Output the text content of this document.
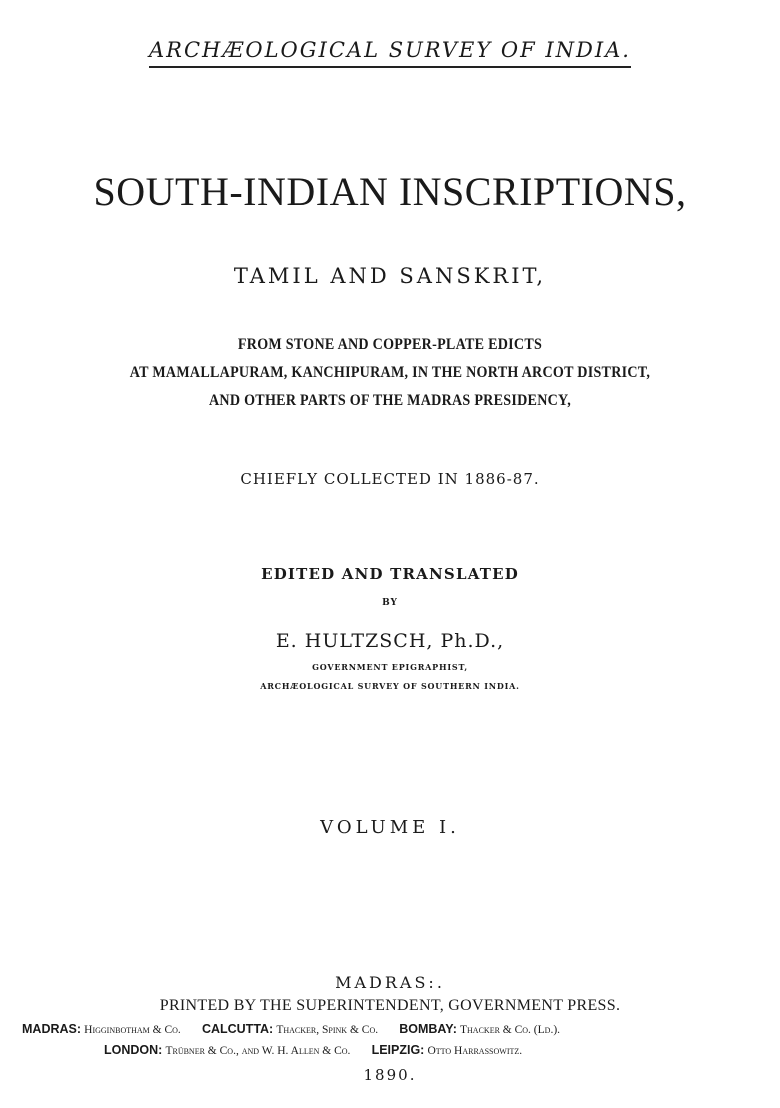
ARCHÆOLOGICAL SURVEY OF INDIA.
SOUTH-INDIAN INSCRIPTIONS,
TAMIL AND SANSKRIT,
FROM STONE AND COPPER-PLATE EDICTS
AT MAMALLAPURAM, KANCHIPURAM, IN THE NORTH ARCOT DISTRICT,
AND OTHER PARTS OF THE MADRAS PRESIDENCY,
CHIEFLY COLLECTED IN 1886-87.
EDITED AND TRANSLATED
BY
E. HULTZSCH, Ph.D.,
GOVERNMENT EPIGRAPHIST,
ARCHÆOLOGICAL SURVEY OF SOUTHERN INDIA.
VOLUME I.
MADRAS:.
PRINTED BY THE SUPERINTENDENT, GOVERNMENT PRESS.
MADRAS: Higginbotham & Co. CALCUTTA: Thacker, Spink & Co. BOMBAY: Thacker & Co. (Ld.).
LONDON: Trübner & Co., and W. H. Allen & Co. LEIPZIG: Otto Harrassowitz.
1890.
